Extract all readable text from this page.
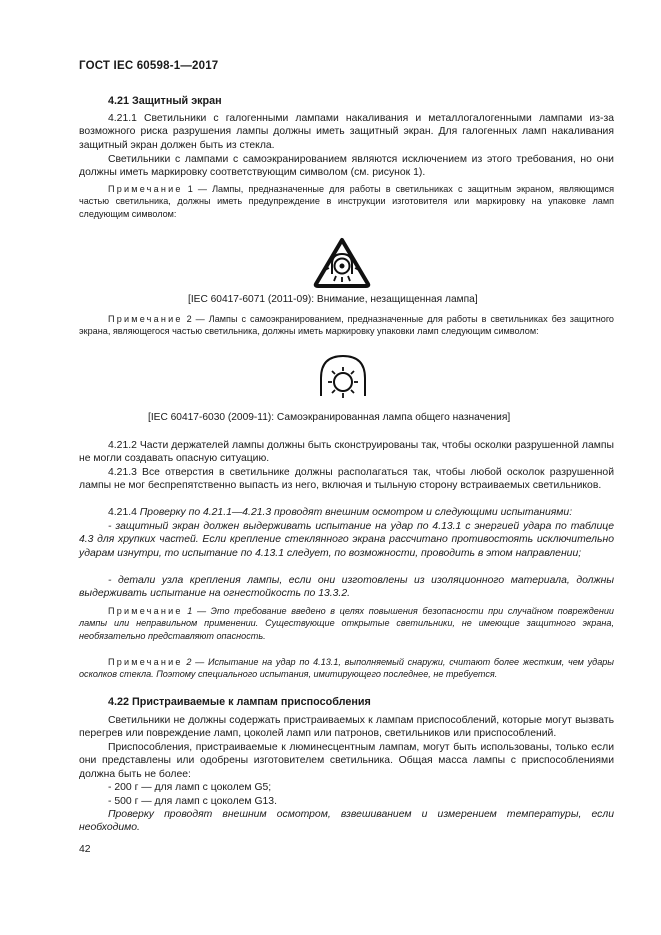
ГОСТ IEC 60598-1—2017
4.21 Защитный экран
4.21.1 Светильники с галогенными лампами накаливания и металлогалогенными лампами из-за возможного риска разрушения лампы должны иметь защитный экран. Для галогенных ламп накаливания защитный экран должен быть из стекла.
Светильники с лампами с самоэкранированием являются исключением из этого требования, но они должны иметь маркировку соответствующим символом (см. рисунок 1).
Примечание 1 — Лампы, предназначенные для работы в светильниках с защитным экраном, являющимся частью светильника, должны иметь предупреждение в инструкции изготовителя или маркировку на упаковке ламп следующим символом:
[IEC 60417-6071 (2011-09): Внимание, незащищенная лампа]
Примечание 2 — Лампы с самоэкранированием, предназначенные для работы в светильниках без защитного экрана, являющегося частью светильника, должны иметь маркировку упаковки ламп следующим символом:
[IEC 60417-6030 (2009-11): Самоэкранированная лампа общего назначения]
4.21.2 Части держателей лампы должны быть сконструированы так, чтобы осколки разрушенной лампы не могли создавать опасную ситуацию.
4.21.3 Все отверстия в светильнике должны располагаться так, чтобы любой осколок разрушенной лампы не мог беспрепятственно выпасть из него, включая и тыльную сторону встраиваемых светильников.
4.21.4 Проверку по 4.21.1—4.21.3 проводят внешним осмотром и следующими испытаниями:
- защитный экран должен выдерживать испытание на удар по 4.13.1 с энергией удара по таблице 4.3 для хрупких частей. Если крепление стеклянного экрана рассчитано противостоять исключительно ударам изнутри, то испытание по 4.13.1 следует, по возможности, проводить в этом направлении;
- детали узла крепления лампы, если они изготовлены из изоляционного материала, должны выдерживать испытание на огнестойкость по 13.3.2.
Примечание 1 — Это требование введено в целях повышения безопасности при случайном повреждении лампы или неправильном применении. Существующие открытые светильники, не имеющие защитного экрана, необязательно представляют опасность.
Примечание 2 — Испытание на удар по 4.13.1, выполняемый снаружи, считают более жестким, чем удары осколков стекла. Поэтому специального испытания, имитирующего последнее, не требуется.
4.22 Пристраиваемые к лампам приспособления
Светильники не должны содержать пристраиваемых к лампам приспособлений, которые могут вызвать перегрев или повреждение ламп, цоколей ламп или патронов, светильников или приспособлений.
Приспособления, пристраиваемые к люминесцентным лампам, могут быть использованы, только если они представлены или одобрены изготовителем светильника. Общая масса лампы с приспособлениями должна быть не более:
- 200 г — для ламп с цоколем G5;
- 500 г — для ламп с цоколем G13.
Проверку проводят внешним осмотром, взвешиванием и измерением температуры, если необходимо.
42
